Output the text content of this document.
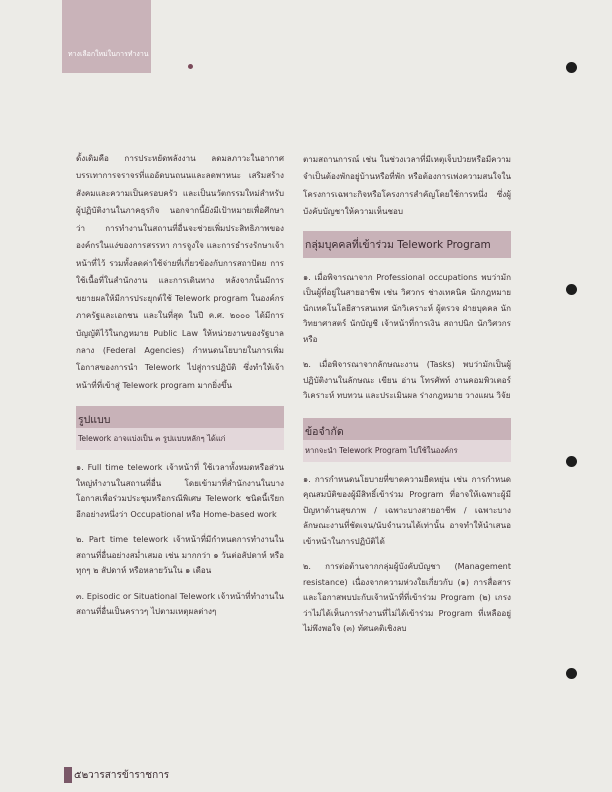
ทางเลือกใหม่ในการทำงาน

ดั้งเดิมคือ การประหยัดพลังงาน ลดมลภาวะในอากาศ บรรเทาการจราจรที่แออัดบนถนนและลดพาหนะ เสริมสร้างสังคมและความเป็นครอบครัว และเป็นนวัตกรรมใหม่สำหรับผู้ปฏิบัติงานในภาคธุรกิจ นอกจากนี้ยังมีเป้าหมายเพื่อศึกษาว่า การทำงานในสถานที่อื่นจะช่วยเพิ่มประสิทธิภาพขององค์กรในแง่ของการสรรหา การจูงใจ และการธำรงรักษาเจ้าหน้าที่ไว้ รวมทั้งลดค่าใช้จ่ายที่เกี่ยวข้องกับการสถาปัตย การใช้เนื้อที่ในสำนักงาน และการเดินทาง หลังจากนั้นมีการขยายผลให้มีการประยุกต์ใช้ Telework program ในองค์กรภาครัฐและเอกชน และในที่สุด ในปี ค.ศ. ๒๐๐๐ ได้มีการบัญญัติไว้ในกฎหมาย Public Law ให้หน่วยงานของรัฐบาลกลาง (Federal Agencies) กำหนดนโยบายในการเพิ่มโอกาสของการนำ Telework ไปสู่การปฏิบัติ ซึ่งทำให้เจ้าหน้าที่ที่เข้าสู่ Telework program มากยิ่งขึ้น

รูปแบบ
Telework อาจแบ่งเป็น ๓ รูปแบบหลักๆ ได้แก่

๑. Full time telework เจ้าหน้าที่ ใช้เวลาทั้งหมดหรือส่วนใหญ่ทำงานในสถานที่อื่น โดยเข้ามาที่สำนักงานในบางโอกาสเพื่อร่วมประชุมหรือกรณีพิเศษ Telework ชนิดนี้เรียกอีกอย่างหนึ่งว่า Occupational หรือ Home-based work

๒. Part time telework เจ้าหน้าที่มีกำหนดการทำงานในสถานที่อื่นอย่างสม่ำเสมอ เช่น มากกว่า ๑ วันต่อสัปดาห์ หรือ ทุกๆ ๒ สัปดาห์ หรือหลายวันใน ๑ เดือน

๓. Episodic or Situational Telework เจ้าหน้าที่ทำงานในสถานที่อื่นเป็นคราวๆ ไปตามเหตุผลต่างๆ

ตามสถานการณ์ เช่น ในช่วงเวลาที่มีเหตุเจ็บป่วยหรือมีความจำเป็นต้องพักอยู่บ้านหรือที่พัก หรือต้องการเพ่งความสนใจในโครงการเฉพาะกิจหรือโครงการสำคัญโดยใช้การหนึ่ง ซึ่งผู้บังคับบัญชาให้ความเห็นชอบ

กลุ่มบุคคลที่เข้าร่วม Telework Program

๑. เมื่อพิจารณาจาก Professional occupations พบว่ามักเป็นผู้ที่อยู่ในสายอาชีพ เช่น วิศวกร ช่างเทคนิค นักกฎหมาย นักเทคโนโลยีสารสนเทศ นักวิเคราะห์ ผู้ตรวจ ฝ่ายบุคคล นักวิทยาศาสตร์ นักบัญชี เจ้าหน้าที่การเงิน สถาปนิก นักวิศวกร หรือ

๒. เมื่อพิจารณาจากลักษณะงาน (Tasks) พบว่ามักเป็นผู้ปฏิบัติงานในลักษณะ เขียน อ่าน โทรศัพท์ งานคอมพิวเตอร์ วิเคราะห์ ทบทวน และประเมินผล ร่างกฎหมาย วางแผน วิจัย

ข้อจำกัด
หากจะนำ Telework Program ไปใช้ในองค์กร

๑. การกำหนดนโยบายที่ขาดความยืดหยุ่น เช่น การกำหนดคุณสมบัติของผู้มีสิทธิ์เข้าร่วม Program ที่อาจให้เฉพาะผู้มีปัญหาด้านสุขภาพ / เฉพาะบางสายอาชีพ / เฉพาะบางลักษณะงานที่ชัดเจน/นับจำนวนได้เท่านั้น อาจทำให้นำเสนอเข้าหน้าในการปฏิบัติได้

๒. การต่อต้านจากกลุ่มผู้บังคับบัญชา (Management resistance) เนื่องจากความห่วงใยเกี่ยวกับ (๑) การสื่อสารและโอกาสพบปะกับเจ้าหน้าที่ที่เข้าร่วม Program (๒) เกรงว่าไม่ได้เห็นการทำงานที่ไม่ได้เข้าร่วม Program ที่เหลืออยู่ไม่พึงพอใจ (๓) ทัศนคติเชิงลบ

๕๒วารสารข้าราชการ
